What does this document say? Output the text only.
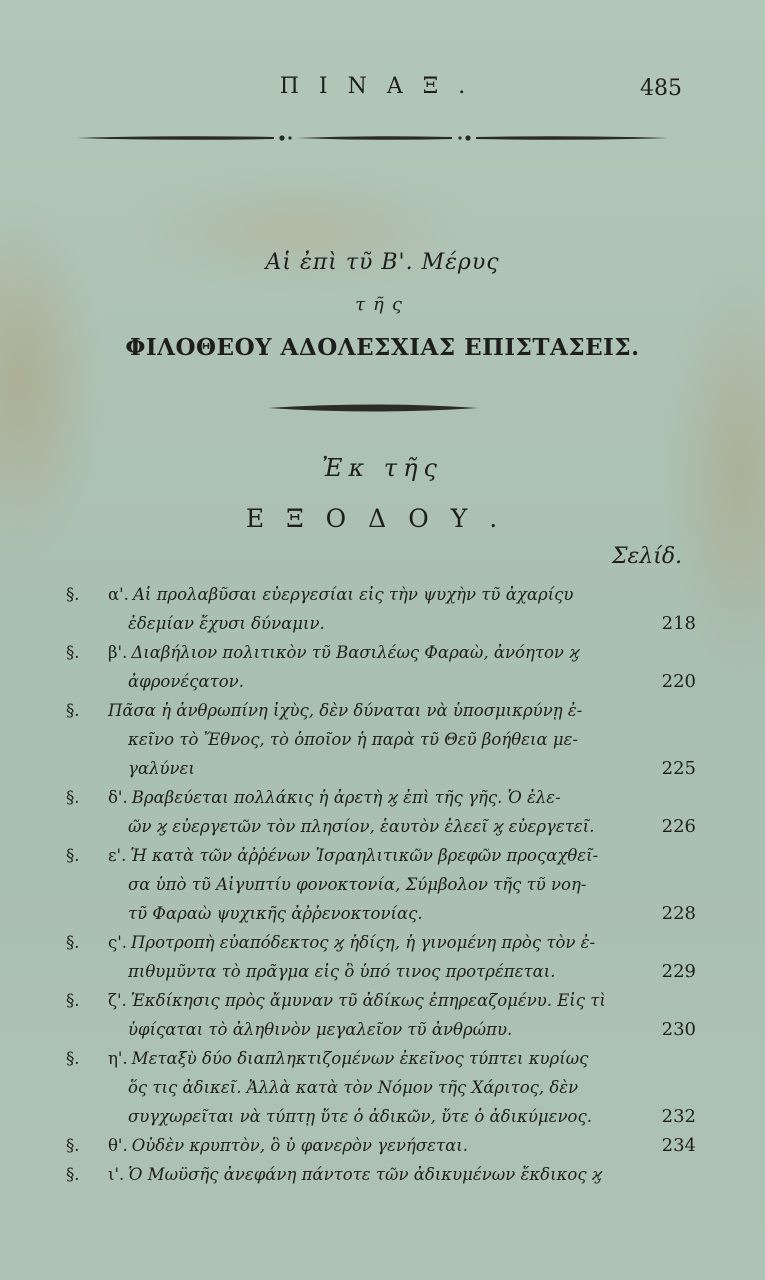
ΠΙΝΑΞ.	485
Αἱ ἐπὶ τῦ Β'. Μέρυς
τῆς
ΦΙΛΟΘΕΟΥ ΑΔΟΛΕΣΧΙΑΣ ΕΠΙΣΤΑΣΕΙΣ.
Ἐκ τῆς
ΕΞΟΔΟΥ.
Σελίδ.
§.	α'. Αἱ προλαβῦσαι εὐεργεσίαι εἰς τὴν ψυχὴν τῦ ἀχαρίςυ
ἐδεμίαν ἔχυσι δύναμιν.	218
§.	β'. Διαβήλιον πολιτικὸν τῦ Βασιλέως Φαραὼ, ἀνόητον ϗ
ἀφρονέςατον.	220
§.	Πᾶσα ἡ ἀνθρωπίνη ἰχὺς, δὲν δύναται νὰ ὑποσμικρύνῃ ἐ-
κεῖνο τὸ Ἔθνος, τὸ ὁποῖον ἡ παρὰ τῦ Θεῦ βοήθεια με-
γαλύνει	225
§.	δ'. Βραβεύεται πολλάκις ἡ ἀρετὴ ϗ ἐπὶ τῆς γῆς. Ὁ ἐλε-
ῶν ϗ εὐεργετῶν τὸν πλησίον, ἑαυτὸν ἐλεεῖ ϗ εὐεργετεῖ.	226
§.	ε'. Ἡ κατὰ τῶν ἀῤῥένων Ἰσραηλιτικῶν βρεφῶν προςαχθεῖ-
σα ὑπὸ τῦ Αἰγυπτίυ φονοκτονία, Σύμβολον τῆς τῦ νοη-
τῦ Φαραὼ ψυχικῆς ἀῤῥενοκτονίας.	228
§.	ς'. Προτροπὴ εὐαπόδεκτος ϗ ἡδίςη, ἡ γινομένη πρὸς τὸν ἐ-
πιθυμῦντα τὸ πρᾶγμα εἰς ὃ ὑπό τινος προτρέπεται.	229
§.	ζ'. Ἐκδίκησις πρὸς ἄμυναν τῦ ἀδίκως ἐπηρεαζομένυ. Εἰς τὶ
ὑφίςαται τὸ ἀληθινὸν μεγαλεῖον τῦ ἀνθρώπυ.	230
§.	η'. Μεταξὺ δύο διαπληκτιζομένων ἐκεῖνος τύπτει κυρίως
ὅς τις ἀδικεῖ. Ἀλλὰ κατὰ τὸν Νόμον τῆς Χάριτος, δὲν
συγχωρεῖται νὰ τύπτῃ ὔτε ὁ ἀδικῶν, ὔτε ὁ ἀδικύμενος.	232
§.	θ'. Οὐδὲν κρυπτὸν, ὃ ὐ φανερὸν γενήσεται.	234
§.	ι'. Ὁ Μωϋσῆς ἀνεφάνη πάντοτε τῶν ἀδικυμένων ἔκδικος ϗ
